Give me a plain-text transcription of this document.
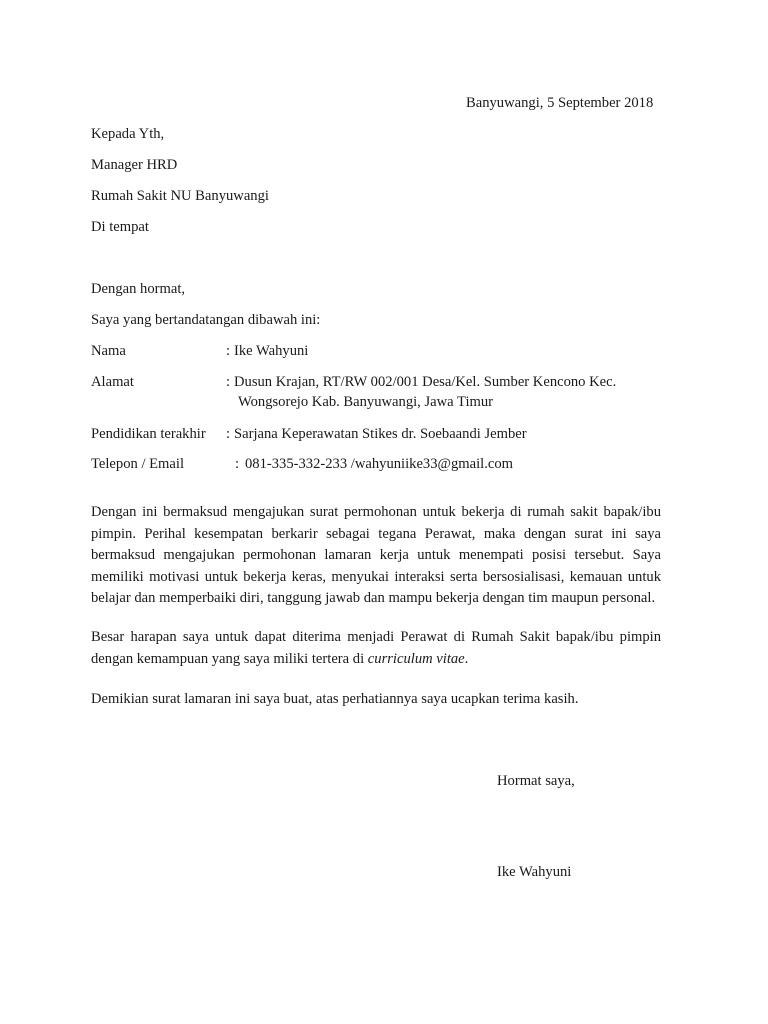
Banyuwangi, 5 September 2018
Kepada Yth,
Manager HRD
Rumah Sakit NU Banyuwangi
Di tempat
Dengan hormat,
Saya yang bertandatangan dibawah ini:
Nama	: Ike Wahyuni
Alamat	: Dusun Krajan, RT/RW 002/001 Desa/Kel. Sumber Kencono Kec.
Wongsorejo Kab. Banyuwangi, Jawa Timur
Pendidikan terakhir : Sarjana Keperawatan Stikes dr. Soebaandi Jember
Telepon / Email	: 081-335-332-233 /wahyuniike33@gmail.com
Dengan ini bermaksud mengajukan surat permohonan untuk bekerja di rumah sakit bapak/ibu pimpin. Perihal kesempatan berkarir sebagai tegana Perawat, maka dengan surat ini saya bermaksud mengajukan permohonan lamaran kerja untuk menempati posisi tersebut. Saya memiliki motivasi untuk bekerja keras, menyukai interaksi serta bersosialisasi, kemauan untuk belajar dan memperbaiki diri, tanggung jawab dan mampu bekerja dengan tim maupun personal.
Besar harapan saya untuk dapat diterima menjadi Perawat di Rumah Sakit bapak/ibu pimpin dengan kemampuan yang saya miliki tertera di curriculum vitae.
Demikian surat lamaran ini saya buat, atas perhatiannya saya ucapkan terima kasih.
Hormat saya,
Ike Wahyuni
